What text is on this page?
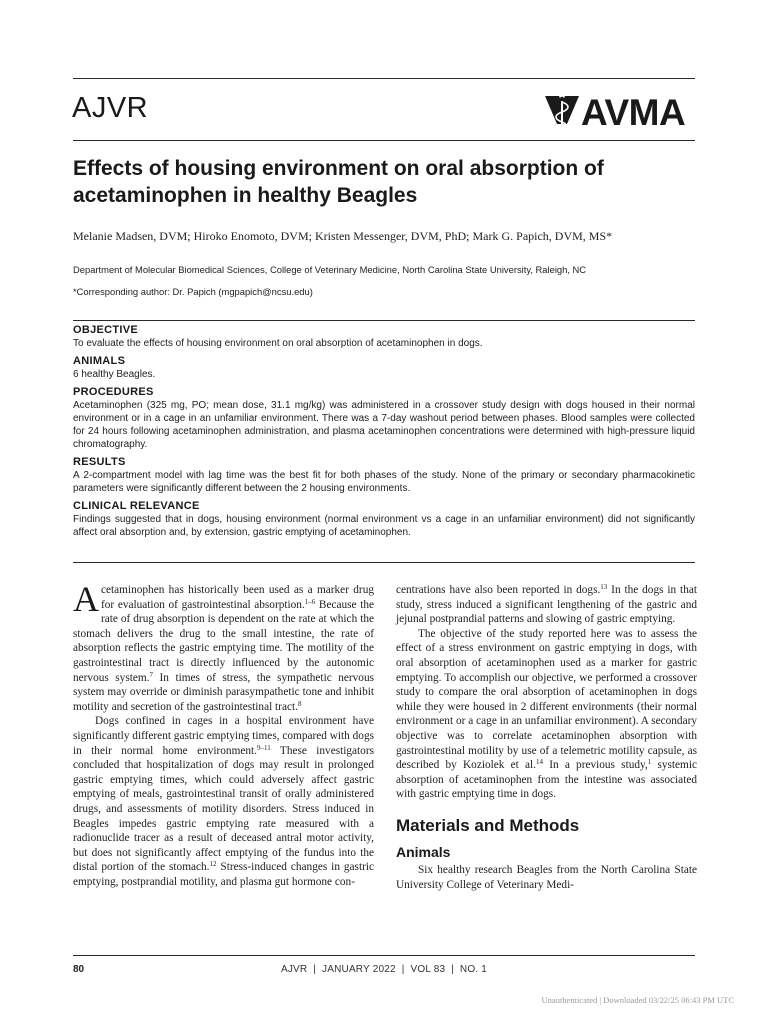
AJVR	AVMA
Effects of housing environment on oral absorption of acetaminophen in healthy Beagles
Melanie Madsen, DVM; Hiroko Enomoto, DVM; Kristen Messenger, DVM, PhD; Mark G. Papich, DVM, MS*
Department of Molecular Biomedical Sciences, College of Veterinary Medicine, North Carolina State University, Raleigh, NC
*Corresponding author: Dr. Papich (mgpapich@ncsu.edu)
OBJECTIVE

To evaluate the effects of housing environment on oral absorption of acetaminophen in dogs.

ANIMALS

6 healthy Beagles.

PROCEDURES

Acetaminophen (325 mg, PO; mean dose, 31.1 mg/kg) was administered in a crossover study design with dogs housed in their normal environment or in a cage in an unfamiliar environment. There was a 7-day washout period between phases. Blood samples were collected for 24 hours following acetaminophen administration, and plasma acetaminophen concentrations were determined with high-pressure liquid chromatography.

RESULTS

A 2-compartment model with lag time was the best fit for both phases of the study. None of the primary or secondary pharmacokinetic parameters were significantly different between the 2 housing environments.

CLINICAL RELEVANCE

Findings suggested that in dogs, housing environment (normal environment vs a cage in an unfamiliar environment) did not significantly affect oral absorption and, by extension, gastric emptying of acetaminophen.

Acetaminophen has historically been used as a marker drug for evaluation of gastrointestinal absorption.$^{1-6}$ Because the rate of drug absorption is dependent on the rate at which the stomach delivers the drug to the small intestine, the rate of absorption reflects the gastric emptying time. The motility of the gastrointestinal tract is directly influenced by the autonomic nervous system.$^7$ In times of stress, the sympathetic nervous system may override or diminish parasympathetic tone and inhibit motility and secretion of the gastrointestinal tract.$^8$

Dogs confined in cages in a hospital environment have significantly different gastric emptying times, compared with dogs in their normal home environment.$^{9-11}$ These investigators concluded that hospitalization of dogs may result in prolonged gastric emptying times, which could adversely affect gastric emptying of meals, gastrointestinal transit of orally administered drugs, and assessments of motility disorders. Stress induced in Beagles impedes gastric emptying rate measured with a radionuclide tracer as a result of deceased antral motor activity, but does not significantly affect emptying of the fundus into the distal portion of the stomach.$^{12}$ Stress-induced changes in gastric emptying, postprandial motility, and plasma gut hormone con-

centrations have also been reported in dogs.$^{13}$ In the dogs in that study, stress induced a significant lengthening of the gastric and jejunal postprandial patterns and slowing of gastric emptying.

The objective of the study reported here was to assess the effect of a stress environment on gastric emptying in dogs, with oral absorption of acetaminophen used as a marker for gastric emptying. To accomplish our objective, we performed a crossover study to compare the oral absorption of acetaminophen in dogs while they were housed in 2 different environments (their normal environment or a cage in an unfamiliar environment). A secondary objective was to correlate acetaminophen absorption with gastrointestinal motility by use of a telemetric motility capsule, as described by Koziolek et al.$^{14}$ In a previous study,$^1$ systemic absorption of acetaminophen from the intestine was associated with gastric emptying time in dogs.

Materials and Methods
Animals

Six healthy research Beagles from the North Carolina State University College of Veterinary Medi-

80	AJVR  |  JANUARY 2022  |  VOL 83  |  NO. 1
Unauthenticated | Downloaded 03/22/25 06:43 PM UTC
